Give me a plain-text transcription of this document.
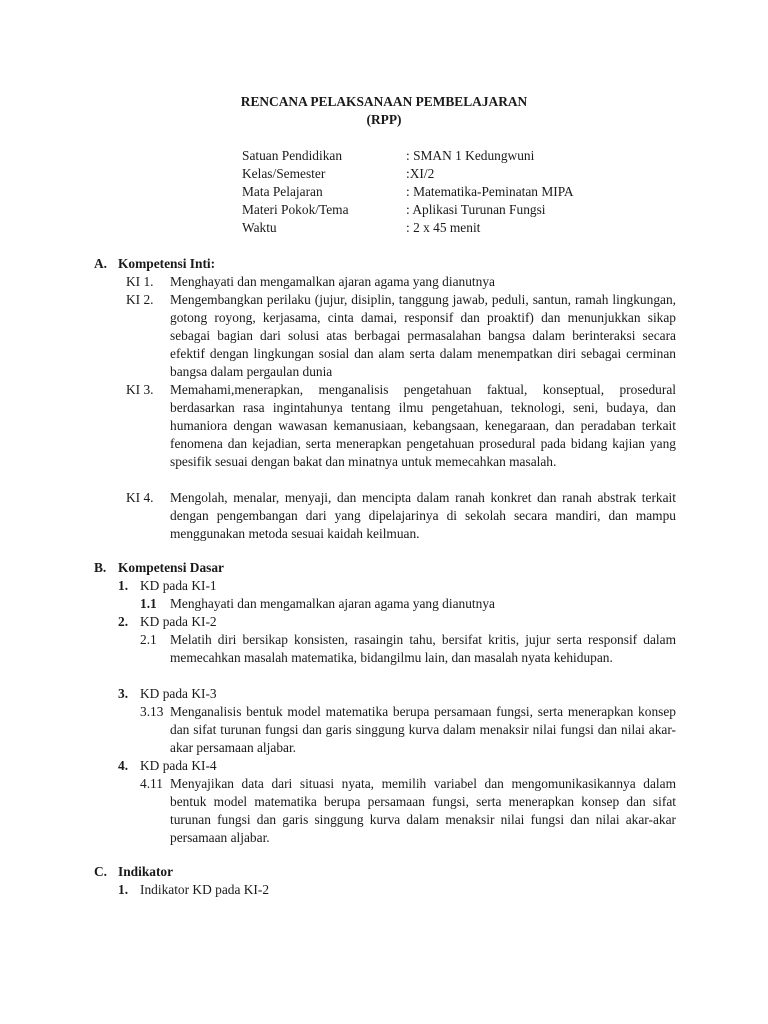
RENCANA PELAKSANAAN PEMBELAJARAN
(RPP)
Satuan Pendidikan	: SMAN 1 Kedungwuni
Kelas/Semester	:XI/2
Mata Pelajaran	: Matematika-Peminatan MIPA
Materi Pokok/Tema	: Aplikasi Turunan Fungsi
Waktu	: 2 x 45 menit
A. Kompetensi Inti:
KI 1. Menghayati dan mengamalkan ajaran agama yang dianutnya
KI 2. Mengembangkan perilaku (jujur, disiplin, tanggung jawab, peduli, santun, ramah lingkungan, gotong royong, kerjasama, cinta damai, responsif dan proaktif) dan menunjukkan sikap sebagai bagian dari solusi atas berbagai permasalahan bangsa dalam berinteraksi secara efektif dengan lingkungan sosial dan alam serta dalam menempatkan diri sebagai cerminan bangsa dalam pergaulan dunia
KI 3. Memahami,menerapkan, menganalisis pengetahuan faktual, konseptual, prosedural berdasarkan rasa ingintahunya tentang ilmu pengetahuan, teknologi, seni, budaya, dan humaniora dengan wawasan kemanusiaan, kebangsaan, kenegaraan, dan peradaban terkait fenomena dan kejadian, serta menerapkan pengetahuan prosedural pada bidang kajian yang spesifik sesuai dengan bakat dan minatnya untuk memecahkan masalah.
KI 4. Mengolah, menalar, menyaji, dan mencipta dalam ranah konkret dan ranah abstrak terkait dengan pengembangan dari yang dipelajarinya di sekolah secara mandiri, dan mampu menggunakan metoda sesuai kaidah keilmuan.
B. Kompetensi Dasar
1. KD pada KI-1
1.1 Menghayati dan mengamalkan ajaran agama yang dianutnya
2. KD pada KI-2
2.1 Melatih diri bersikap konsisten, rasaingin tahu, bersifat kritis, jujur serta responsif dalam memecahkan masalah matematika, bidangilmu lain, dan masalah nyata kehidupan.
3. KD pada KI-3
3.13 Menganalisis bentuk model matematika berupa persamaan fungsi, serta menerapkan konsep dan sifat turunan fungsi dan garis singgung kurva dalam menaksir nilai fungsi dan nilai akar-akar persamaan aljabar.
4. KD pada KI-4
4.11 Menyajikan data dari situasi nyata, memilih variabel dan mengomunikasikannya dalam bentuk model matematika berupa persamaan fungsi, serta menerapkan konsep dan sifat turunan fungsi dan garis singgung kurva dalam menaksir nilai fungsi dan nilai akar-akar persamaan aljabar.
C. Indikator
1. Indikator KD pada KI-2
